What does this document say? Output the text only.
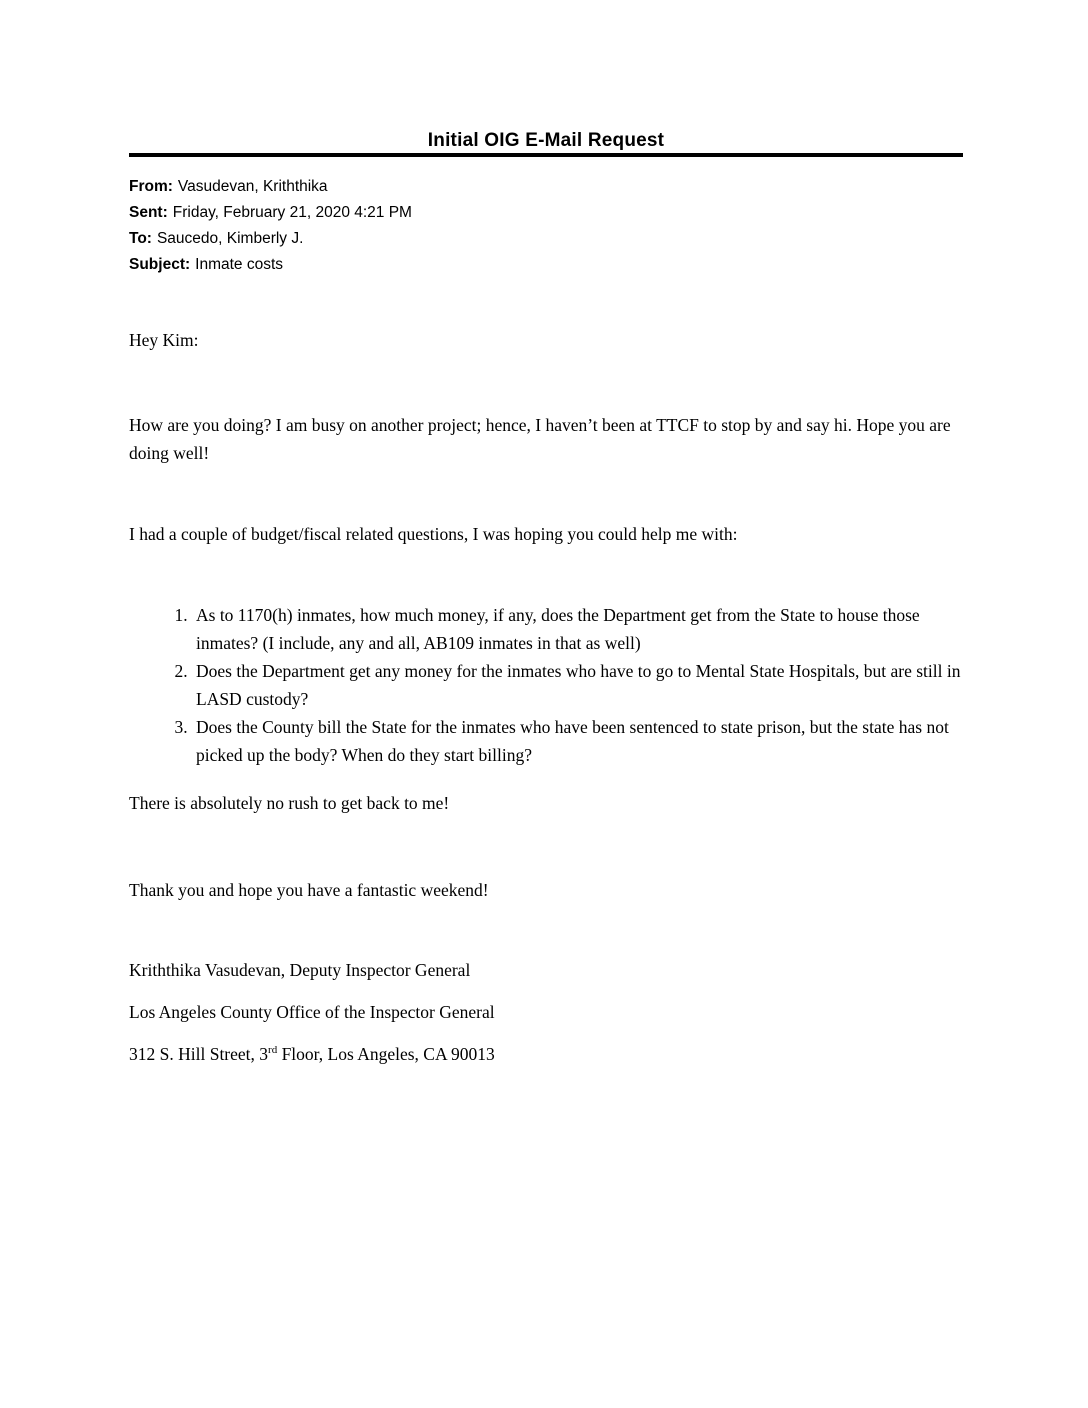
Initial OIG E-Mail Request
From: Vasudevan, Kriththika
Sent: Friday, February 21, 2020 4:21 PM
To: Saucedo, Kimberly J.
Subject: Inmate costs

Hey Kim:

How are you doing? I am busy on another project; hence, I haven’t been at TTCF to stop by and say hi. Hope you are doing well!

I had a couple of budget/fiscal related questions, I was hoping you could help me with:

1. As to 1170(h) inmates, how much money, if any, does the Department get from the State to house those inmates? (I include, any and all, AB109 inmates in that as well)
2. Does the Department get any money for the inmates who have to go to Mental State Hospitals, but are still in LASD custody?
3. Does the County bill the State for the inmates who have been sentenced to state prison, but the state has not picked up the body? When do they start billing?

There is absolutely no rush to get back to me!

Thank you and hope you have a fantastic weekend!

Kriththika Vasudevan, Deputy Inspector General

Los Angeles County Office of the Inspector General

312 S. Hill Street, 3rd Floor, Los Angeles, CA 90013
